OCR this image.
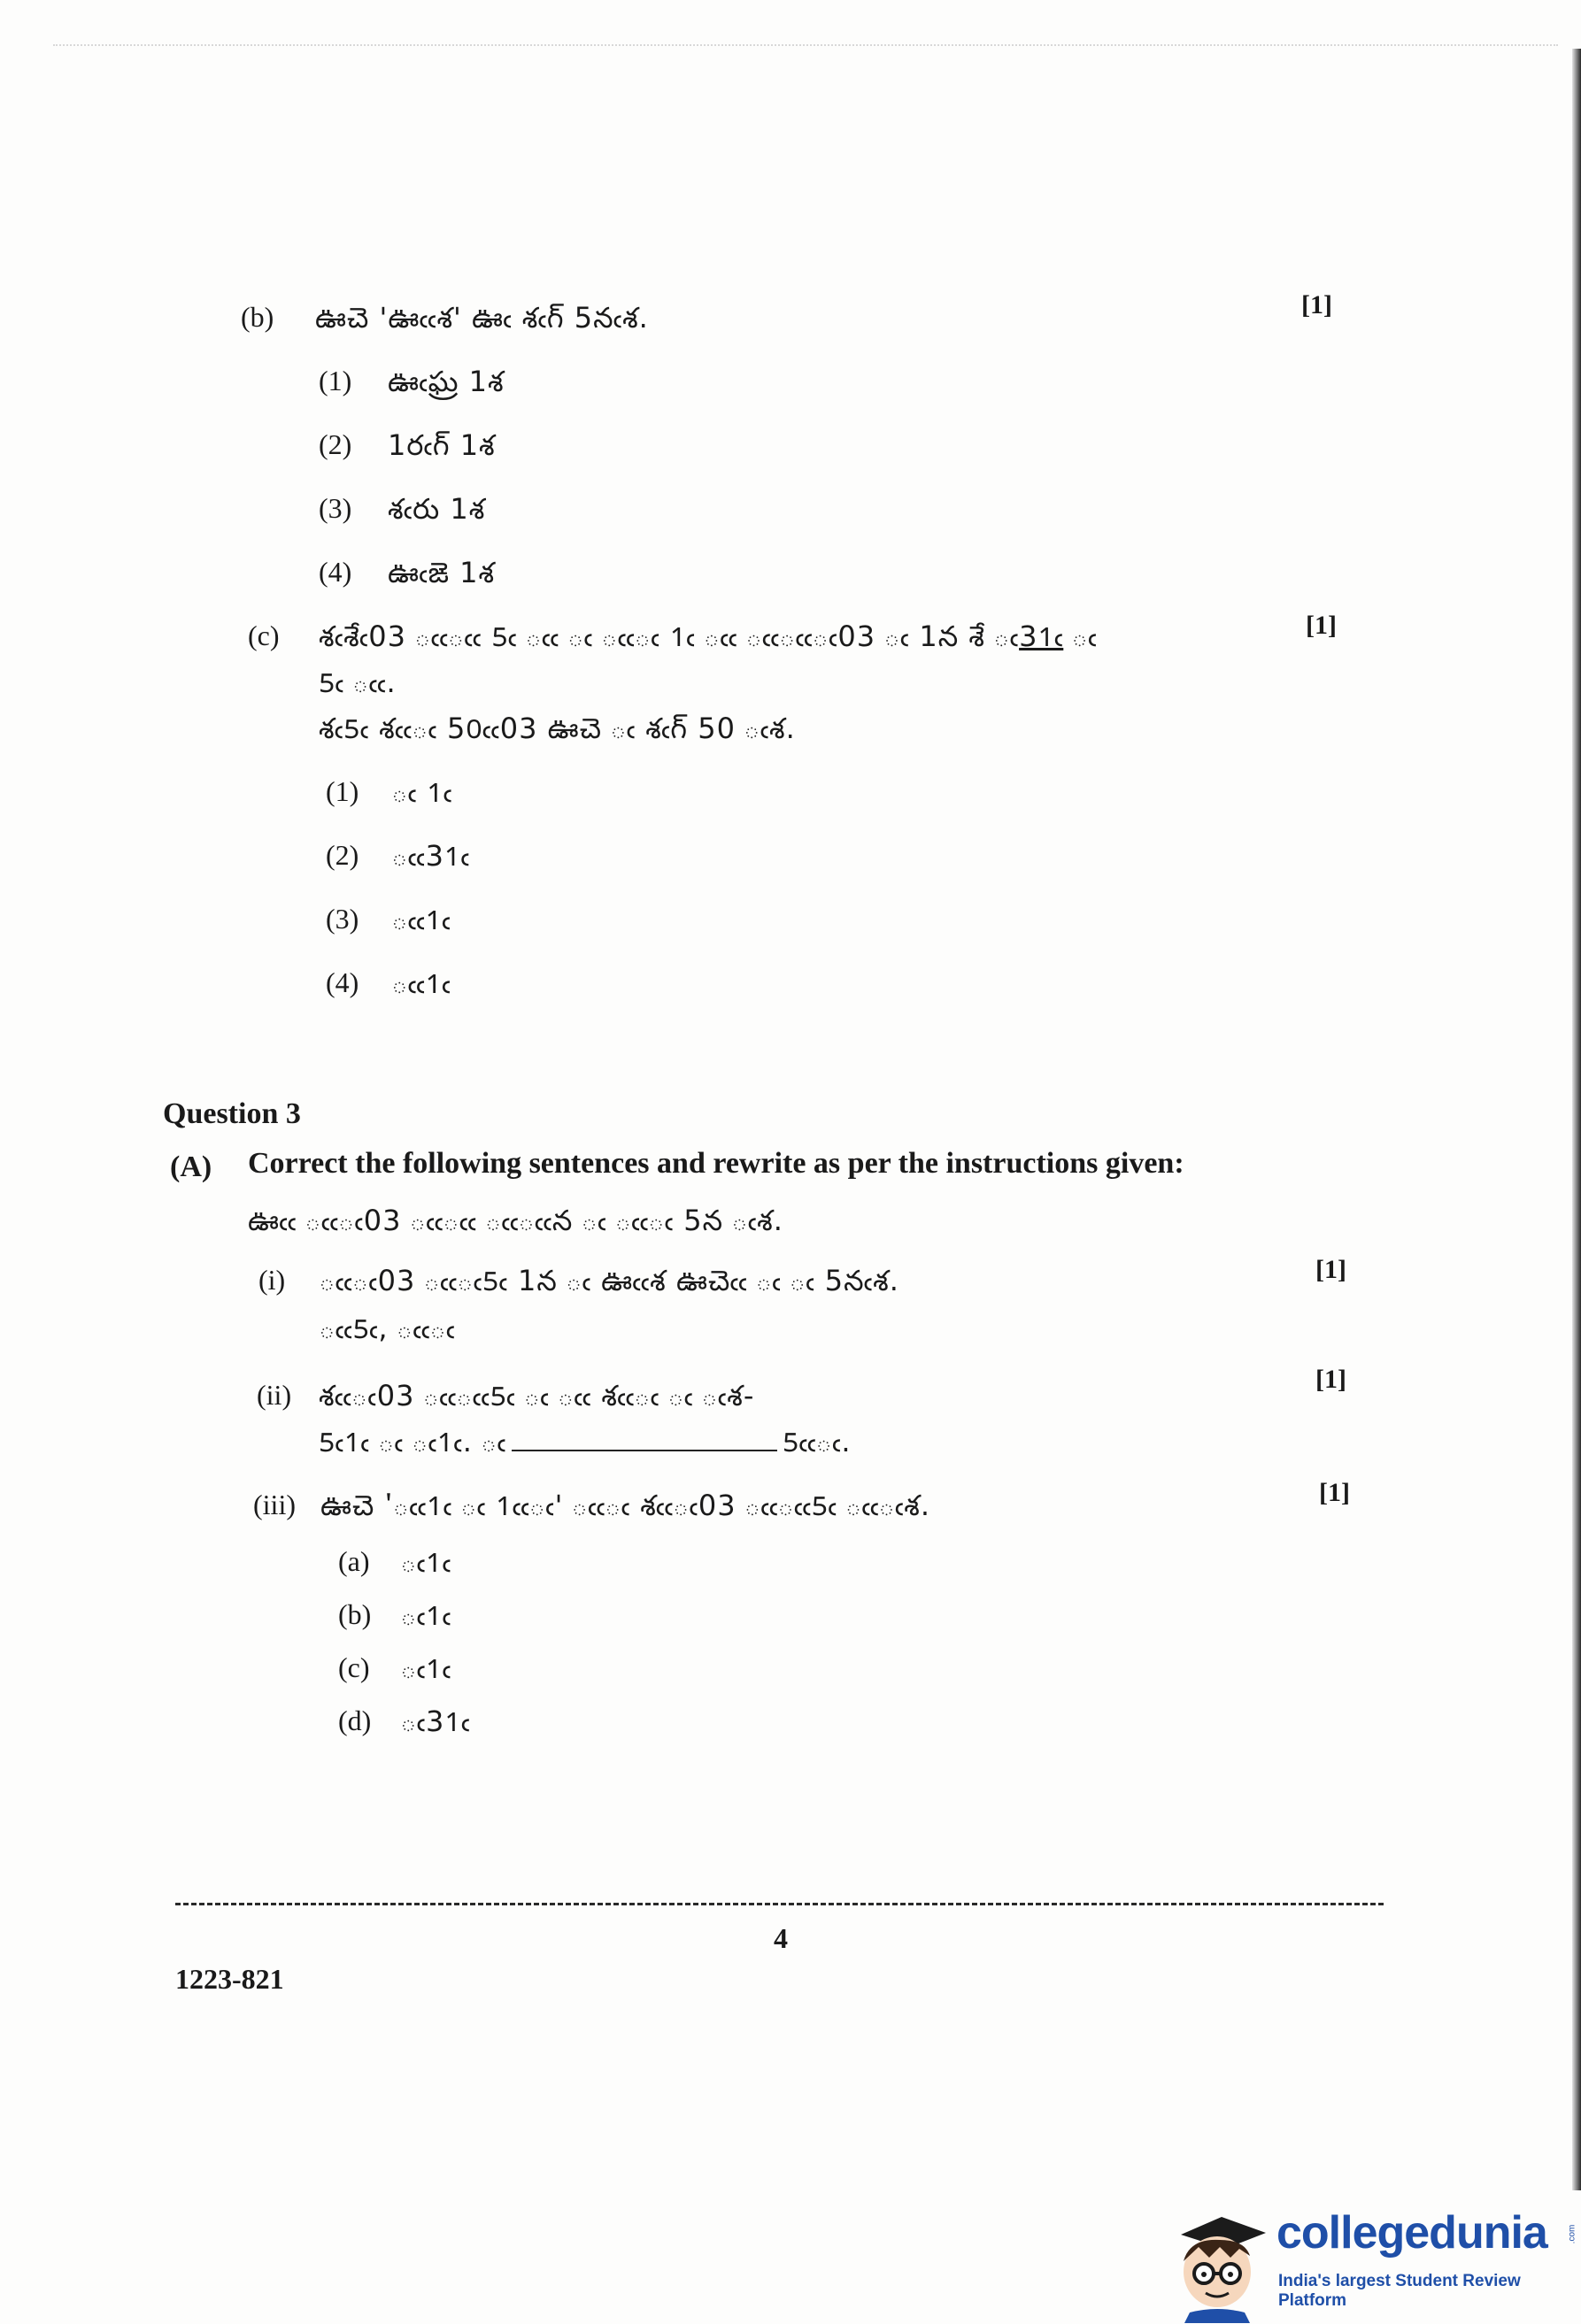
(b) ఊచె 'ఊఁఁశ' ఊఁ శఁగ్ 5నఁశ.	[1]
(1) ఊఁఘ్ర 1శ
(2) 1రఁగ్ 1శ
(3) శఁరు 1శ
(4) ఊఁఙె 1శ
(c) శఁశేఁ03 ఁఁఁఁ 5ఁ ఁఁ ఁ ఁఁఁ 1ఁ ఁఁ ఁఁఁఁఁ03 ఁ 1న శే ఁ31ఁ	[1]
5ఁ ఁఁ.
శఁ5ఁ శఁఁఁ 50ఁఁ03 ఊచె ఁ శఁగ్ 50 ఁశ.
(1) ఁ 1ఁ
(2) ఁఁ31ఁ
(3) ఁఁ1ఁ
(4) ఁఁ1ఁ
Question 3
(A) Correct the following sentences and rewrite as per the instructions given:
ఊఁఁ ఁఁఁ03 ఁఁఁఁ ఁఁఁఁన ఁ ఁఁఁ 5న ఁశ.
(i) ఁఁఁ03 ఁఁఁ5ఁ 1న ఁ ఊఁఁశ ఊచెఁఁ ఁ ఁ 5నఁశ.	[1]
ఁఁ5ఁ, ఁఁఁ
(ii) శఁఁఁ03 ఁఁఁఁ5ఁ ఁ ఁఁ శఁఁఁ ఁ ఁశ-	[1]
5ఁ1ఁ ఁ ఁ1ఁ. ఁ	5ఁఁఁ.
(iii) ఊచె 'ఁఁ1ఁ ఁ 1ఁఁఁ' ఁఁఁ శఁఁఁ03 ఁఁఁఁ5ఁ ఁఁఁశ.	[1]
(a) ఁ1ఁ
(b) ఁ1ఁ
(c) ఁ1ఁ
(d) ఁ31ఁ
4
1223-821
collegedunia .com
India's largest Student Review Platform
